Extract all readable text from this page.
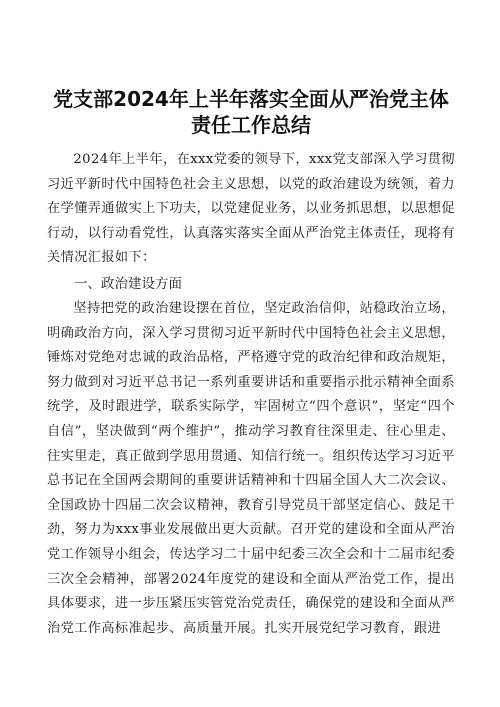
党支部2024年上半年落实全面从严治党主体
责任工作总结

2024年上半年，在xxx党委的领导下，xxx党支部深入学习贯彻习近平新时代中国特色社会主义思想，以党的政治建设为统领，着力在学懂弄通做实上下功夫，以党建促业务，以业务抓思想，以思想促行动，以行动看党性，认真落实落实全面从严治党主体责任，现将有关情况汇报如下：

一、政治建设方面

坚持把党的政治建设摆在首位，坚定政治信仰，站稳政治立场，明确政治方向，深入学习贯彻习近平新时代中国特色社会主义思想，锤炼对党绝对忠诚的政治品格，严格遵守党的政治纪律和政治规矩，努力做到对习近平总书记一系列重要讲话和重要指示批示精神全面系统学，及时跟进学，联系实际学，牢固树立“四个意识”，坚定“四个自信”，坚决做到“两个维护”，推动学习教育往深里走、往心里走、往实里走，真正做到学思用贯通、知信行统一。组织传达学习习近平总书记在全国两会期间的重要讲话精神和十四届全国人大二次会议、全国政协十四届二次会议精神，教育引导党员干部坚定信心、鼓足干劲，努力为xxx事业发展做出更大贡献。召开党的建设和全面从严治党工作领导小组会，传达学习二十届中纪委三次全会和十二届市纪委三次全会精神，部署2024年度党的建设和全面从严治党工作，提出具体要求，进一步压紧压实管党治党责任，确保党的建设和全面从严治党工作高标准起步、高质量开展。扎实开展党纪学习教育，跟进
